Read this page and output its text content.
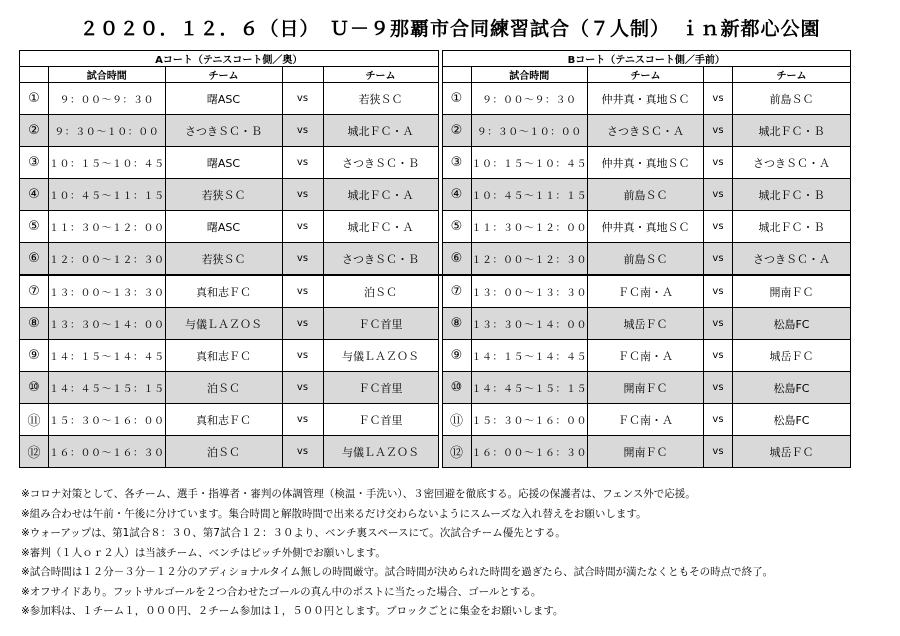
２０２０．１２．６（日）　Ｕ－９那覇市合同練習試合（７人制）　ｉｎ新都心公園
Aコート（テニスコート側／奥）						Bコート（テニスコート側／手前）				
	試合時間	チーム		チーム			試合時間	チーム		チーム
①	９：００～９：３０	曙ASC	vs	若狭ＳＣ		①	９：００～９：３０	仲井真・真地ＳＣ	vs	前島ＳＣ
②	９：３０～１０：００	さつきＳＣ・Ｂ	vs	城北ＦＣ・Ａ		②	９：３０～１０：００	さつきＳＣ・Ａ	vs	城北ＦＣ・Ｂ
③	１０：１５～１０：４５	曙ASC	vs	さつきＳＣ・Ｂ		③	１０：１５～１０：４５	仲井真・真地ＳＣ	vs	さつきＳＣ・Ａ
④	１０：４５～１１：１５	若狭ＳＣ	vs	城北ＦＣ・Ａ		④	１０：４５～１１：１５	前島ＳＣ	vs	城北ＦＣ・Ｂ
⑤	１１：３０～１２：００	曙ASC	vs	城北ＦＣ・Ａ		⑤	１１：３０～１２：００	仲井真・真地ＳＣ	vs	城北ＦＣ・Ｂ
⑥	１２：００～１２：３０	若狭ＳＣ	vs	さつきＳＣ・Ｂ		⑥	１２：００～１２：３０	前島ＳＣ	vs	さつきＳＣ・Ａ
⑦	１３：００～１３：３０	真和志ＦＣ	vs	泊ＳＣ		⑦	１３：００～１３：３０	ＦＣ南・Ａ	vs	開南ＦＣ
⑧	１３：３０～１４：００	与儀ＬＡＺＯＳ	vs	ＦＣ首里		⑧	１３：３０～１４：００	城岳ＦＣ	vs	松島FC
⑨	１４：１５～１４：４５	真和志ＦＣ	vs	与儀ＬＡＺＯＳ		⑨	１４：１５～１４：４５	ＦＣ南・Ａ	vs	城岳ＦＣ
⑩	１４：４５～１５：１５	泊ＳＣ	vs	ＦＣ首里		⑩	１４：４５～１５：１５	開南ＦＣ	vs	松島FC
⑪	１５：３０～１６：００	真和志ＦＣ	vs	ＦＣ首里		⑪	１５：３０～１６：００	ＦＣ南・Ａ	vs	松島FC
⑫	１６：００～１６：３０	泊ＳＣ	vs	与儀ＬＡＺＯＳ		⑫	１６：００～１６：３０	開南ＦＣ	vs	城岳ＦＣ
※コロナ対策として、各チーム、選手・指導者・審判の体調管理（検温・手洗い）、３密回避を徹底する。応援の保護者は、フェンス外で応援。
※組み合わせは午前・午後に分けています。集合時間と解散時間で出来るだけ交わらないようにスムーズな入れ替えをお願いします。
※ウォーアップは、第1試合８：３０、第7試合１２：３０より、ベンチ裏スペースにて。次試合チーム優先とする。
※審判（１人ｏｒ２人）は当該チーム、ベンチはピッチ外側でお願いします。
※試合時間は１２分－３分－１２分のアディショナルタイム無しの時間厳守。試合時間が決められた時間を過ぎたら、試合時間が満たなくともその時点で終了。
※オフサイドあり。フットサルゴールを２つ合わせたゴールの真ん中のポストに当たった場合、ゴールとする。
※参加料は、１チーム１，０００円、２チーム参加は１，５００円とします。ブロックごとに集金をお願いします。
